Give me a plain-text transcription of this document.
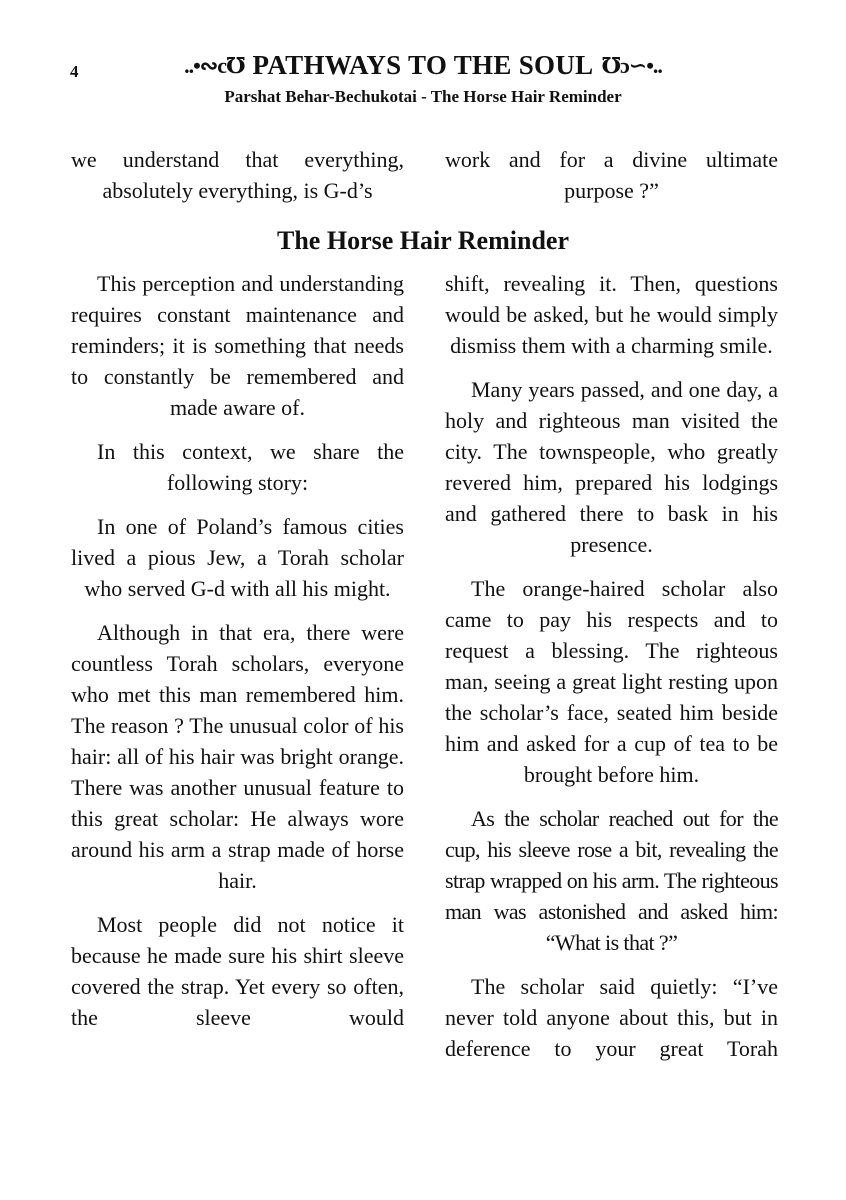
4	..•∾c℧ PATHWAYS TO THE SOUL ℧ɔ∽•..
Parshat Behar-Bechukotai - The Horse Hair Reminder

we understand that everything, absolutely everything, is G-d’s

work and for a divine ultimate purpose ?”

The Horse Hair Reminder

This perception and understanding requires constant maintenance and reminders; it is something that needs to constantly be remembered and made aware of.

In this context, we share the following story:

In one of Poland’s famous cities lived a pious Jew, a Torah scholar who served G-d with all his might.

Although in that era, there were countless Torah scholars, everyone who met this man remembered him. The reason ? The unusual color of his hair: all of his hair was bright orange. There was another unusual feature to this great scholar: He always wore around his arm a strap made of horse hair.

Most people did not notice it because he made sure his shirt sleeve covered the strap. Yet every so often, the sleeve would

shift, revealing it. Then, questions would be asked, but he would simply dismiss them with a charming smile.

Many years passed, and one day, a holy and righteous man visited the city. The townspeople, who greatly revered him, prepared his lodgings and gathered there to bask in his presence.

The orange-haired scholar also came to pay his respects and to request a blessing. The righteous man, seeing a great light resting upon the scholar’s face, seated him beside him and asked for a cup of tea to be brought before him.

As the scholar reached out for the cup, his sleeve rose a bit, revealing the strap wrapped on his arm. The righteous man was astonished and asked him: “What is that ?”

The scholar said quietly: “I’ve never told anyone about this, but in deference to your great Torah
